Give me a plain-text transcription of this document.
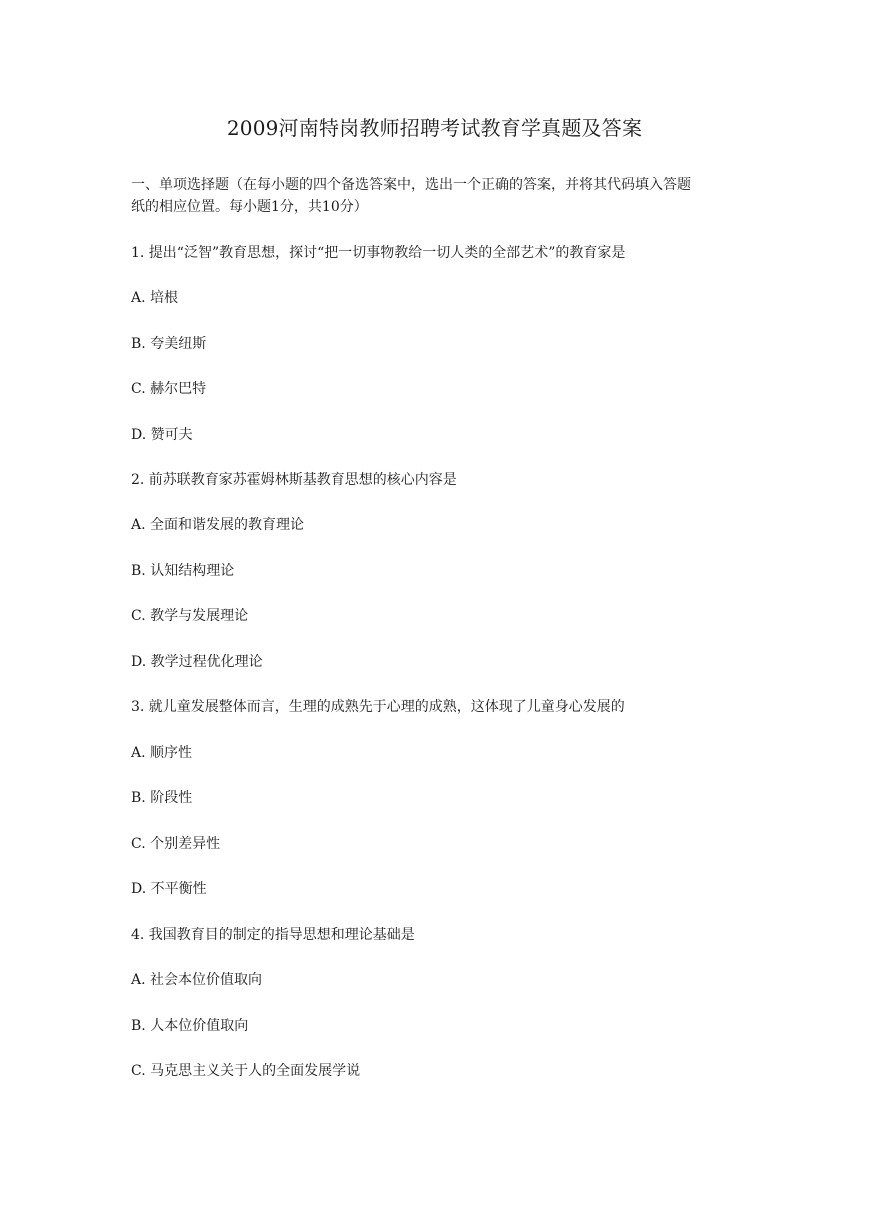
2009河南特岗教师招聘考试教育学真题及答案

一、单项选择题（在每小题的四个备选答案中，选出一个正确的答案，并将其代码填入答题
纸的相应位置。每小题1分，共10分）

1. 提出“泛智”教育思想，探讨“把一切事物教给一切人类的全部艺术”的教育家是

A. 培根

B. 夸美纽斯

C. 赫尔巴特

D. 赞可夫

2. 前苏联教育家苏霍姆林斯基教育思想的核心内容是

A. 全面和谐发展的教育理论

B. 认知结构理论

C. 教学与发展理论

D. 教学过程优化理论

3. 就儿童发展整体而言，生理的成熟先于心理的成熟，这体现了儿童身心发展的

A. 顺序性

B. 阶段性

C. 个别差异性

D. 不平衡性

4. 我国教育目的制定的指导思想和理论基础是

A. 社会本位价值取向

B. 人本位价值取向

C. 马克思主义关于人的全面发展学说
